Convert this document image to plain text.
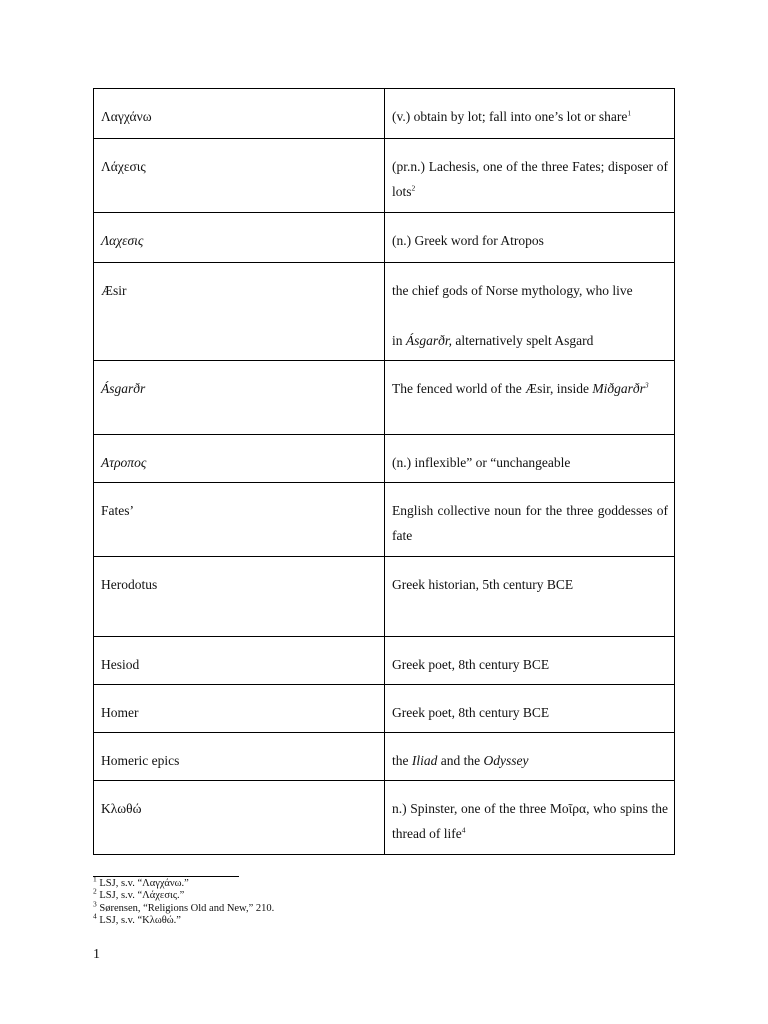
Λαγχάνω	(v.) obtain by lot; fall into one’s lot or share$^1$
Λάχεσις	(pr.n.) Lachesis, one of the three Fates; disposer of lots$^2$
Λαχεσις	(n.) Greek word for Atropos
Æsir	the chief gods of Norse mythology, who live

in Ásgarðr, alternatively spelt Asgard
Ásgarðr	The fenced world of the Æsir, inside Miðgarðr$^3$
Ατροπος	(n.) inflexible” or “unchangeable
Fates’	English collective noun for the three goddesses of fate
Herodotus	Greek historian, 5th century BCE
Hesiod	Greek poet, 8th century BCE
Homer	Greek poet, 8th century BCE
Homeric epics	the Iliad and the Odyssey
Κλωθώ	n.) Spinster, one of the three Μοῖρα, who spins the thread of life$^4$
$^1$ LSJ, s.v. “Λαγχάνω.”
$^2$ LSJ, s.v. “Λάχεσις.”
$^3$ Sørensen, “Religions Old and New,” 210.
$^4$ LSJ, s.v. “Κλωθώ.”
1
